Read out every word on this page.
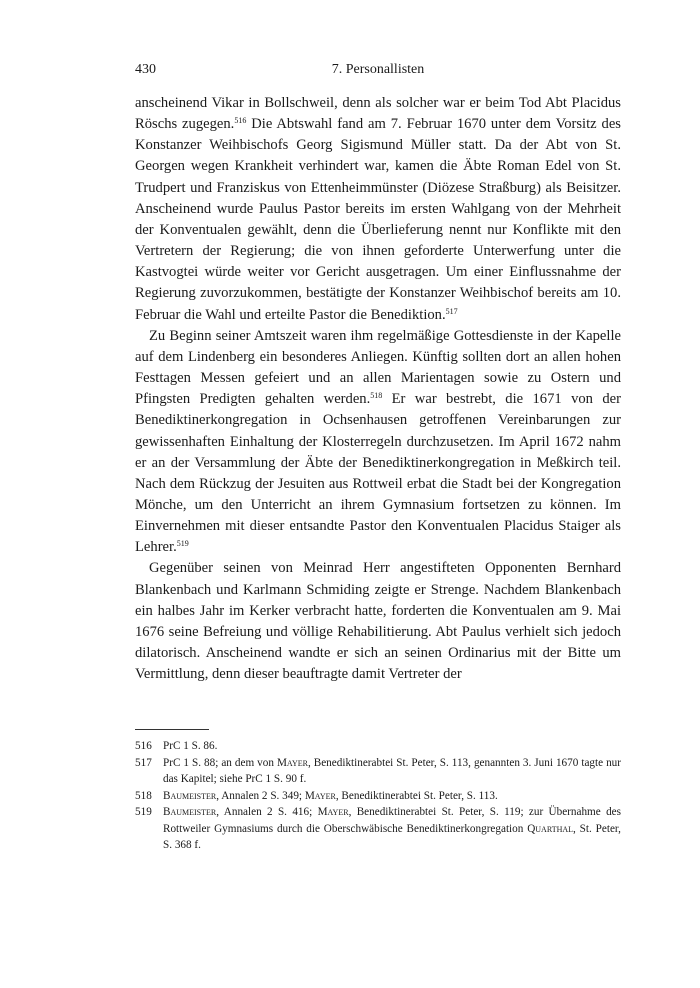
430	7. Personallisten

anscheinend Vikar in Bollschweil, denn als solcher war er beim Tod Abt Placidus Röschs zugegen.$^{516}$ Die Abtswahl fand am 7. Februar 1670 unter dem Vorsitz des Konstanzer Weihbischofs Georg Sigismund Müller statt. Da der Abt von St. Georgen wegen Krankheit verhindert war, kamen die Äbte Roman Edel von St. Trudpert und Franziskus von Ettenheimmünster (Diözese Straßburg) als Beisitzer. Anscheinend wurde Paulus Pastor bereits im ersten Wahlgang von der Mehrheit der Konventualen gewählt, denn die Überlieferung nennt nur Konflikte mit den Vertretern der Regierung; die von ihnen geforderte Unterwerfung unter die Kastvogtei würde weiter vor Gericht ausgetragen. Um einer Einflussnahme der Regierung zuvorzukommen, bestätigte der Konstanzer Weihbischof bereits am 10. Februar die Wahl und erteilte Pastor die Benediktion.$^{517}$

Zu Beginn seiner Amtszeit waren ihm regelmäßige Gottesdienste in der Kapelle auf dem Lindenberg ein besonderes Anliegen. Künftig sollten dort an allen hohen Festtagen Messen gefeiert und an allen Marientagen sowie zu Ostern und Pfingsten Predigten gehalten werden.$^{518}$ Er war bestrebt, die 1671 von der Benediktinerkongregation in Ochsenhausen getroffenen Vereinbarungen zur gewissenhaften Einhaltung der Klosterregeln durchzusetzen. Im April 1672 nahm er an der Versammlung der Äbte der Benediktinerkongregation in Meßkirch teil. Nach dem Rückzug der Jesuiten aus Rottweil erbat die Stadt bei der Kongregation Mönche, um den Unterricht an ihrem Gymnasium fortsetzen zu können. Im Einvernehmen mit dieser entsandte Pastor den Konventualen Placidus Staiger als Lehrer.$^{519}$

Gegenüber seinen von Meinrad Herr angestifteten Opponenten Bernhard Blankenbach und Karlmann Schmiding zeigte er Strenge. Nachdem Blankenbach ein halbes Jahr im Kerker verbracht hatte, forderten die Konventualen am 9. Mai 1676 seine Befreiung und völlige Rehabilitierung. Abt Paulus verhielt sich jedoch dilatorisch. Anscheinend wandte er sich an seinen Ordinarius mit der Bitte um Vermittlung, denn dieser beauftragte damit Vertreter der

516	PrC 1 S. 86.
517	PrC 1 S. 88; an dem von Mayer, Benediktinerabtei St. Peter, S. 113, genannten 3. Juni 1670 tagte nur das Kapitel; siehe PrC 1 S. 90 f.
518	Baumeister, Annalen 2 S. 349; Mayer, Benediktinerabtei St. Peter, S. 113.
519	Baumeister, Annalen 2 S. 416; Mayer, Benediktinerabtei St. Peter, S. 119; zur Übernahme des Rottweiler Gymnasiums durch die Oberschwäbische Benediktinerkongregation Quarthal, St. Peter, S. 368 f.
